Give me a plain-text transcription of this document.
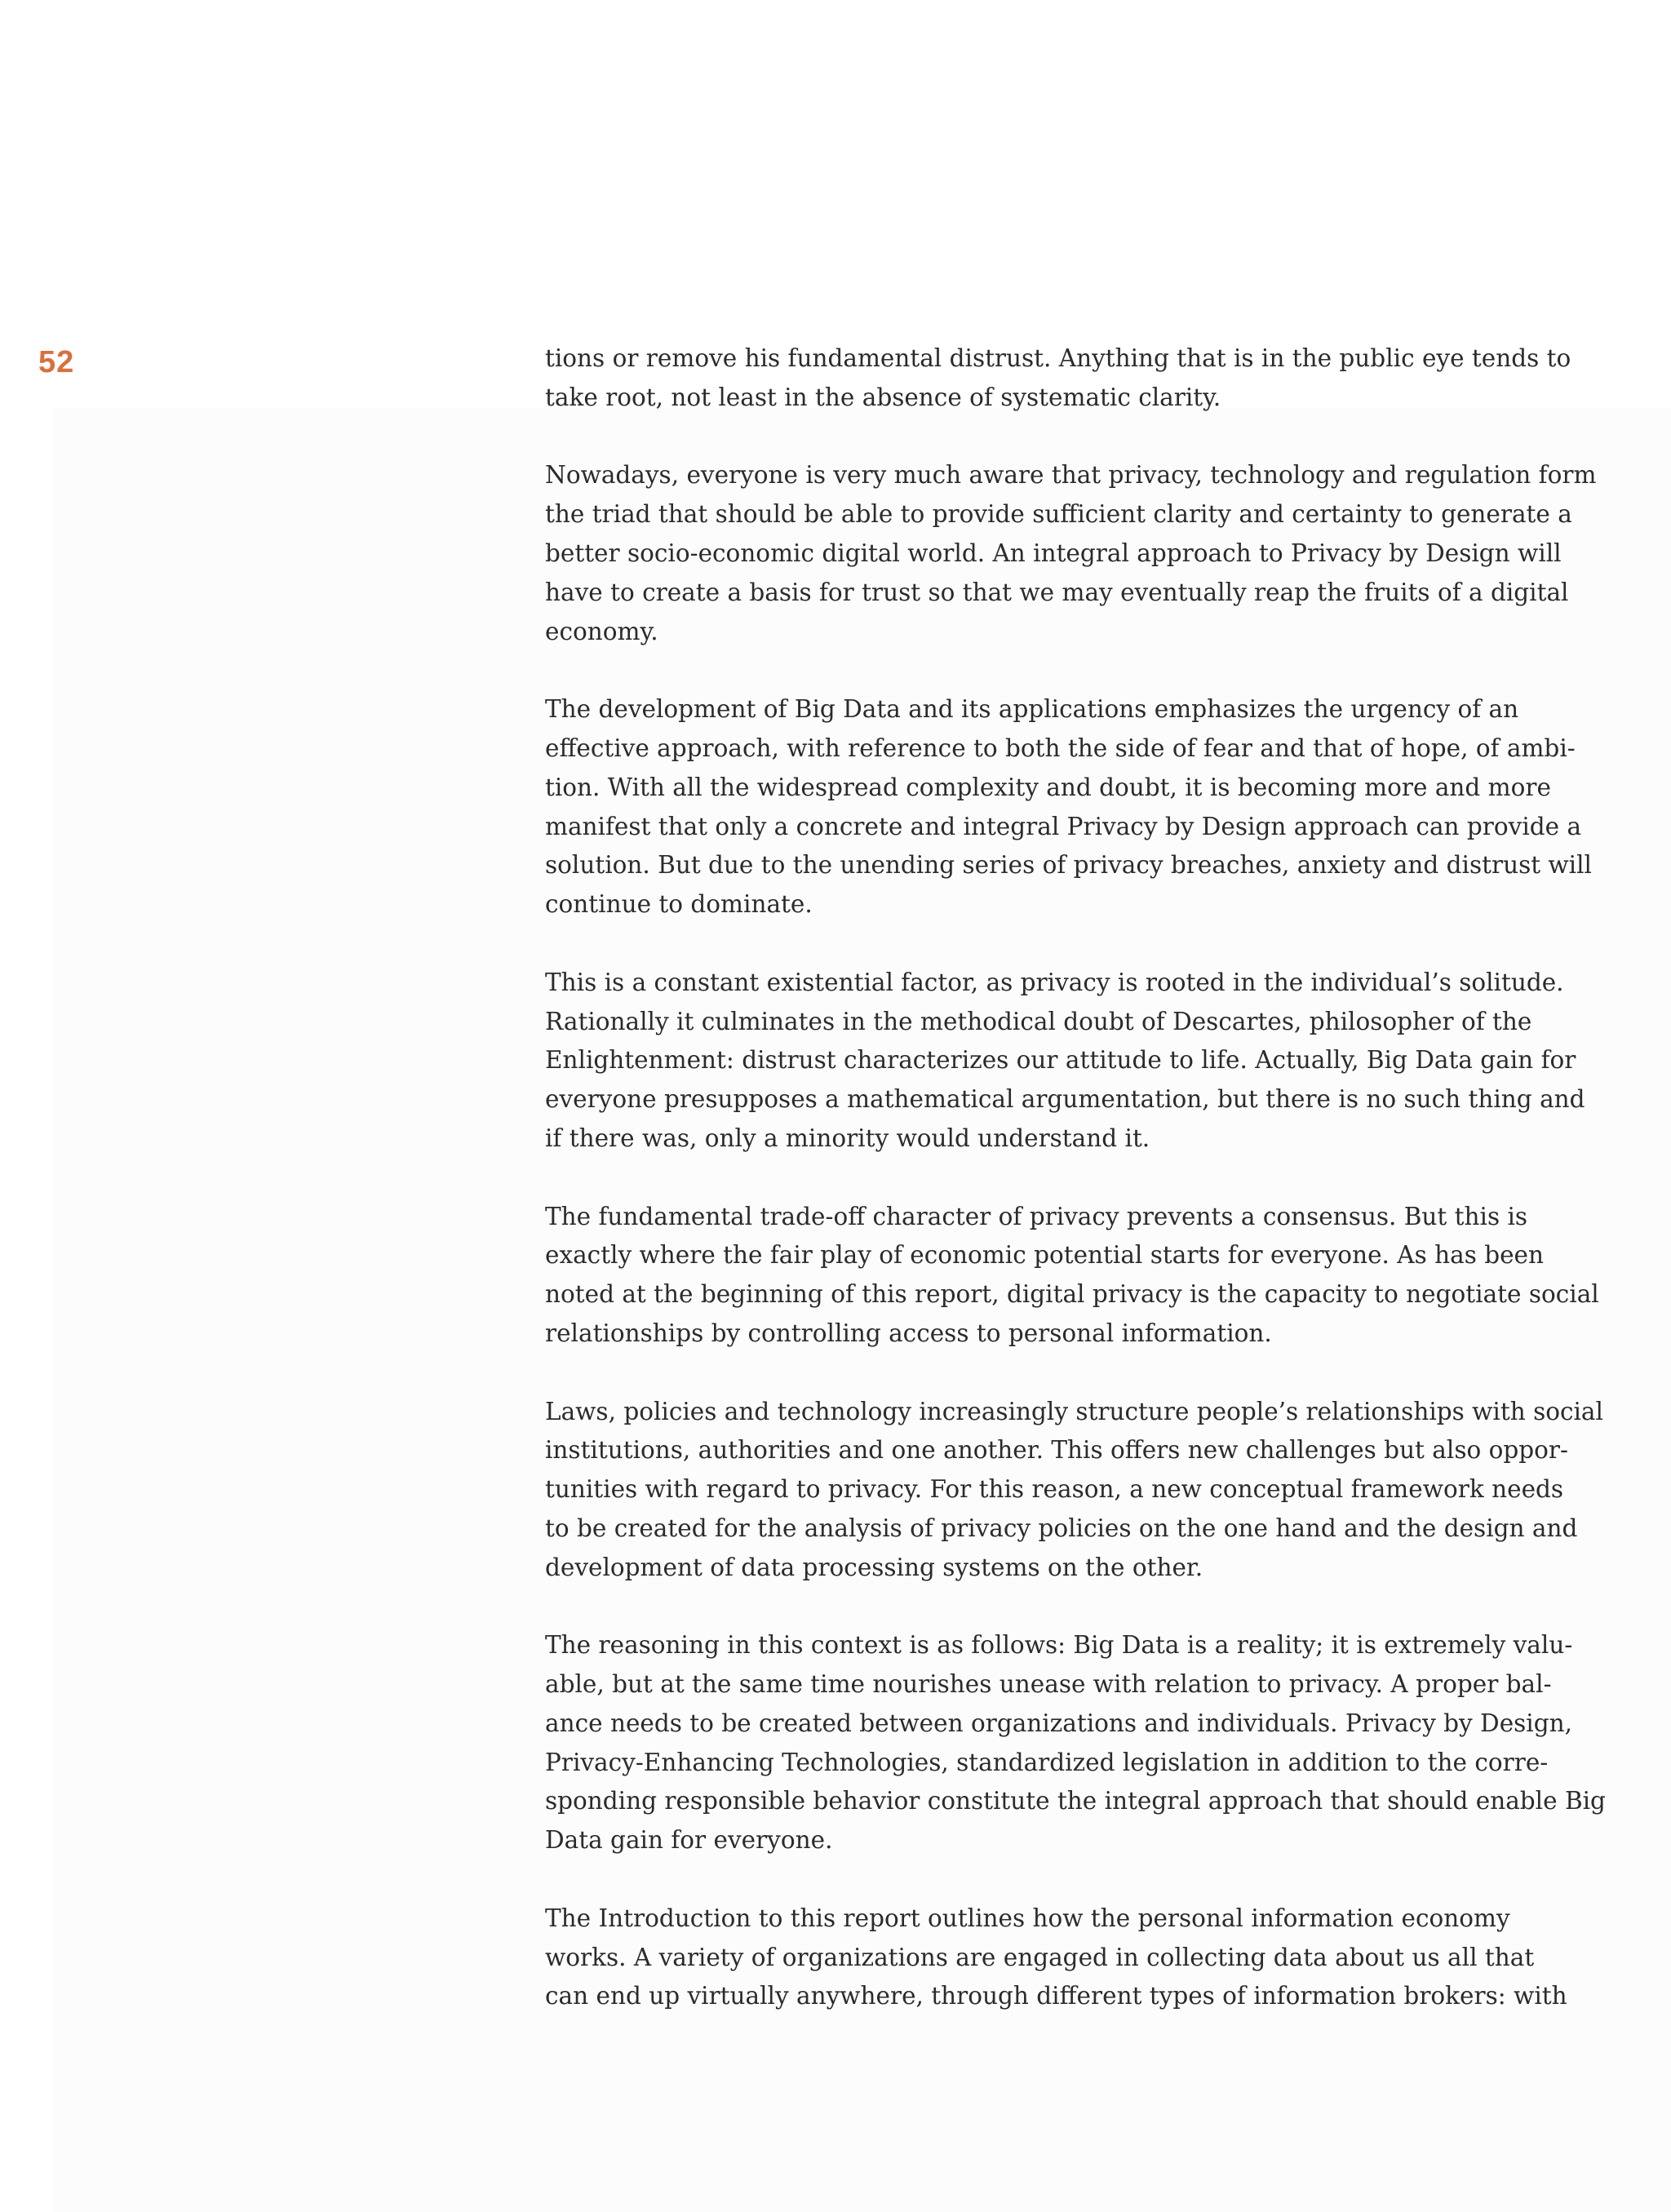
52	tions or remove his fundamental distrust. Anything that is in the public eye tends to
take root, not least in the absence of systematic clarity.

Nowadays, everyone is very much aware that privacy, technology and regulation form
the triad that should be able to provide sufficient clarity and certainty to generate a
better socio-economic digital world. An integral approach to Privacy by Design will
have to create a basis for trust so that we may eventually reap the fruits of a digital
economy.

The development of Big Data and its applications emphasizes the urgency of an
effective approach, with reference to both the side of fear and that of hope, of ambi-
tion. With all the widespread complexity and doubt, it is becoming more and more
manifest that only a concrete and integral Privacy by Design approach can provide a
solution. But due to the unending series of privacy breaches, anxiety and distrust will
continue to dominate.

This is a constant existential factor, as privacy is rooted in the individual’s solitude.
Rationally it culminates in the methodical doubt of Descartes, philosopher of the
Enlightenment: distrust characterizes our attitude to life. Actually, Big Data gain for
everyone presupposes a mathematical argumentation, but there is no such thing and
if there was, only a minority would understand it.

The fundamental trade-off character of privacy prevents a consensus. But this is
exactly where the fair play of economic potential starts for everyone. As has been
noted at the beginning of this report, digital privacy is the capacity to negotiate social
relationships by controlling access to personal information.

Laws, policies and technology increasingly structure people’s relationships with social
institutions, authorities and one another. This offers new challenges but also oppor-
tunities with regard to privacy. For this reason, a new conceptual framework needs
to be created for the analysis of privacy policies on the one hand and the design and
development of data processing systems on the other.

The reasoning in this context is as follows: Big Data is a reality; it is extremely valu-
able, but at the same time nourishes unease with relation to privacy. A proper bal-
ance needs to be created between organizations and individuals. Privacy by Design,
Privacy-Enhancing Technologies, standardized legislation in addition to the corre-
sponding responsible behavior constitute the integral approach that should enable Big
Data gain for everyone.

The Introduction to this report outlines how the personal information economy
works. A variety of organizations are engaged in collecting data about us all that
can end up virtually anywhere, through different types of information brokers: with
